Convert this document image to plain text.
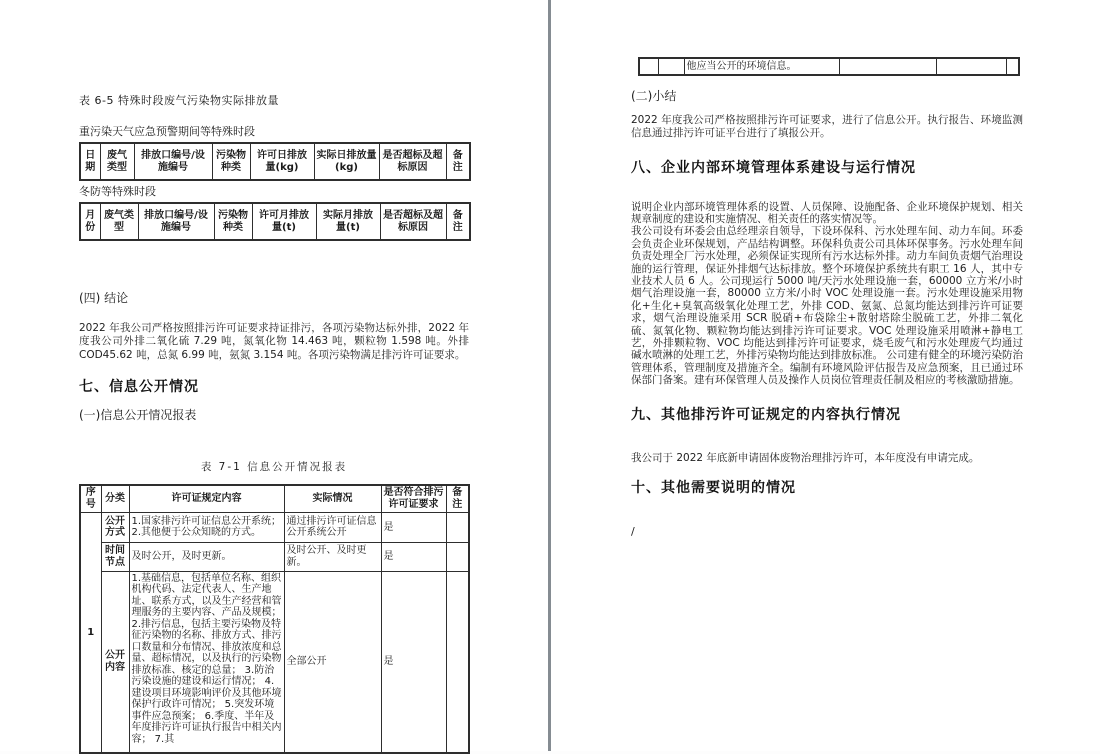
表 6-5 特殊时段废气污染物实际排放量
重污染天气应急预警期间等特殊时段
日期	废气类型	排放口编号/设施编号	污染物种类	许可日排放量(kg)	实际日排放量(kg)	是否超标及超标原因	备注
冬防等特殊时段
月份	废气类型	排放口编号/设施编号	污染物种类	许可月排放量(t)	实际月排放量(t)	是否超标及超标原因	备注
(四) 结论
2022 年我公司严格按照排污许可证要求持证排污，各项污染物达标外排，2022 年度我公司外排二氧化硫 7.29 吨，氮氧化物 14.463 吨，颗粒物 1.598 吨。外排 COD45.62 吨，总氮 6.99 吨，氨氮 3.154 吨。各项污染物满足排污许可证要求。
七、信息公开情况
(一)信息公开情况报表
表 7-1 信息公开情况报表
序号	分类	许可证规定内容	实际情况	是否符合排污许可证要求	备注
1	公开方式	1.国家排污许可证信息公开系统；2.其他便于公众知晓的方式。	通过排污许可证信息公开系统公开	是	
	时间节点	及时公开，及时更新。	及时公开、及时更新。	是	
	公开内容	1.基础信息，包括单位名称、组织机构代码、法定代表人、生产地址、联系方式，以及生产经营和管理服务的主要内容、产品及规模；2.排污信息，包括主要污染物及特征污染物的名称、排放方式、排污口数量和分布情况、排放浓度和总量、超标情况，以及执行的污染物排放标准、核定的总量； 3.防治污染设施的建设和运行情况； 4.建设项目环境影响评价及其他环境保护行政许可情况； 5.突发环境事件应急预案； 6.季度、半年及年度排污许可证执行报告中相关内容； 7.其	全部公开	是	
		他应当公开的环境信息。			
(二)小结
2022 年度我公司严格按照排污许可证要求，进行了信息公开。执行报告、环境监测信息通过排污许可证平台进行了填报公开。
八、企业内部环境管理体系建设与运行情况
说明企业内部环境管理体系的设置、人员保障、设施配备、企业环境保护规划、相关规章制度的建设和实施情况、相关责任的落实情况等。
我公司设有环委会由总经理亲自领导，下设环保科、污水处理车间、动力车间。环委会负责企业环保规划，产品结构调整。环保科负责公司具体环保事务。污水处理车间负责处理全厂污水处理，必须保证实现所有污水达标外排。动力车间负责烟气治理设施的运行管理，保证外排烟气达标排放。整个环境保护系统共有职工 16 人，其中专业技术人员 6 人。公司现运行 5000 吨/天污水处理设施一套，60000 立方米/小时烟气治理设施一套，80000 立方米/小时 VOC 处理设施一套。污水处理设施采用物化+生化+臭氧高级氧化处理工艺，外排 COD、氨氮、总氮均能达到排污许可证要求，烟气治理设施采用 SCR 脱硝+布袋除尘+散射塔除尘脱硫工艺，外排二氧化硫、氮氧化物、颗粒物均能达到排污许可证要求。VOC 处理设施采用喷淋+静电工艺，外排颗粒物、VOC 均能达到排污许可证要求，烧毛废气和污水处理废气均通过碱水喷淋的处理工艺，外排污染物均能达到排放标准。 公司建有健全的环境污染防治管理体系，管理制度及措施齐全。编制有环境风险评估报告及应急预案，且已通过环保部门备案。建有环保管理人员及操作人员岗位管理责任制及相应的考核激励措施。
九、其他排污许可证规定的内容执行情况
我公司于 2022 年底新申请固体废物治理排污许可，本年度没有申请完成。
十、其他需要说明的情况
/
